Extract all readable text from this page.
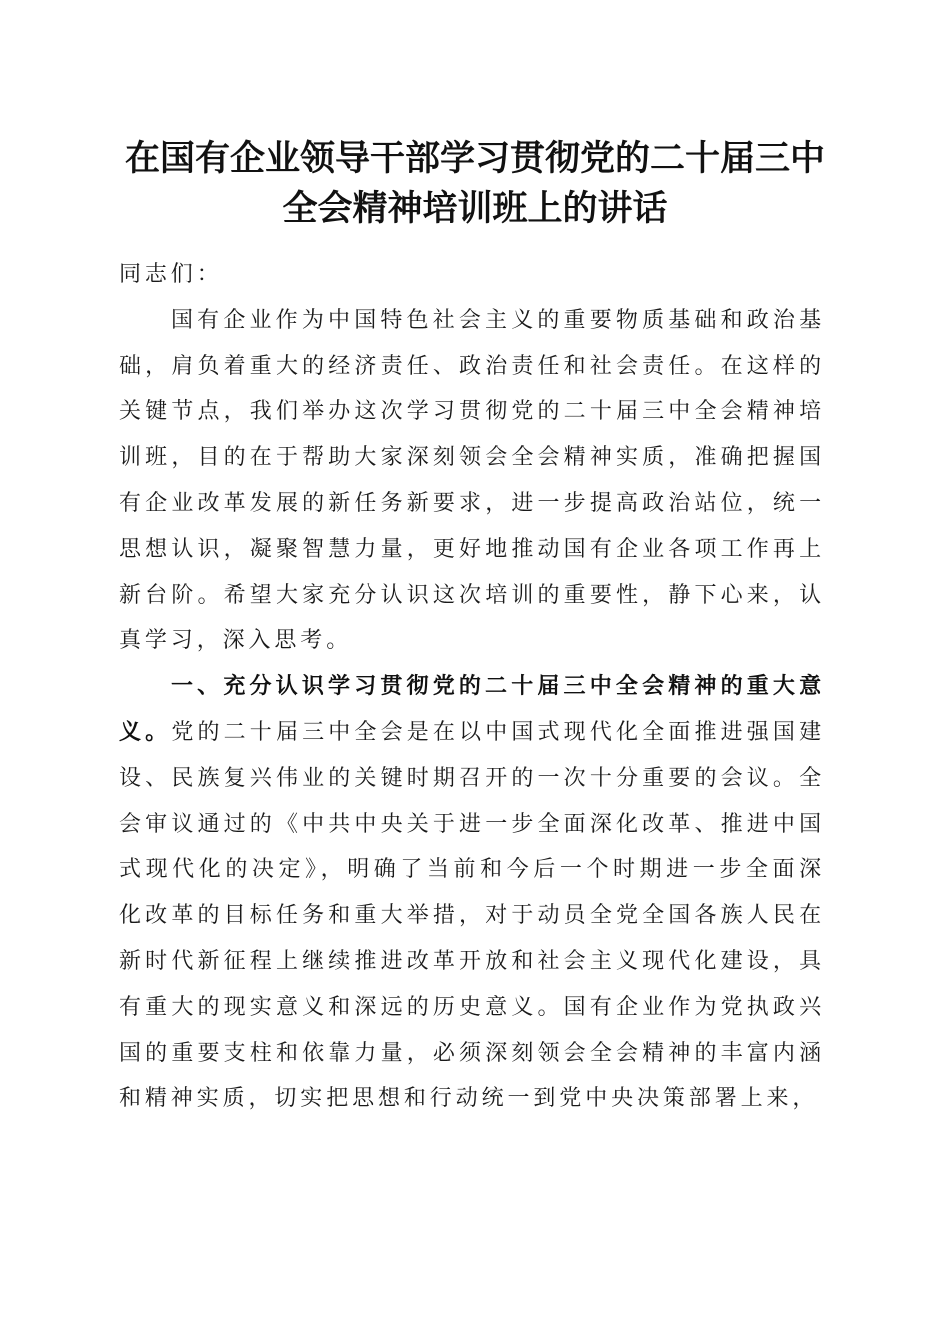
在国有企业领导干部学习贯彻党的二十届三中
全会精神培训班上的讲话

同志们：

国有企业作为中国特色社会主义的重要物质基础和政治基础，肩负着重大的经济责任、政治责任和社会责任。在这样的关键节点，我们举办这次学习贯彻党的二十届三中全会精神培训班，目的在于帮助大家深刻领会全会精神实质，准确把握国有企业改革发展的新任务新要求，进一步提高政治站位，统一思想认识，凝聚智慧力量，更好地推动国有企业各项工作再上新台阶。希望大家充分认识这次培训的重要性，静下心来，认真学习，深入思考。

一、充分认识学习贯彻党的二十届三中全会精神的重大意义。党的二十届三中全会是在以中国式现代化全面推进强国建设、民族复兴伟业的关键时期召开的一次十分重要的会议。全会审议通过的《中共中央关于进一步全面深化改革、推进中国式现代化的决定》，明确了当前和今后一个时期进一步全面深化改革的目标任务和重大举措，对于动员全党全国各族人民在新时代新征程上继续推进改革开放和社会主义现代化建设，具有重大的现实意义和深远的历史意义。国有企业作为党执政兴国的重要支柱和依靠力量，必须深刻领会全会精神的丰富内涵和精神实质，切实把思想和行动统一到党中央决策部署上来，
